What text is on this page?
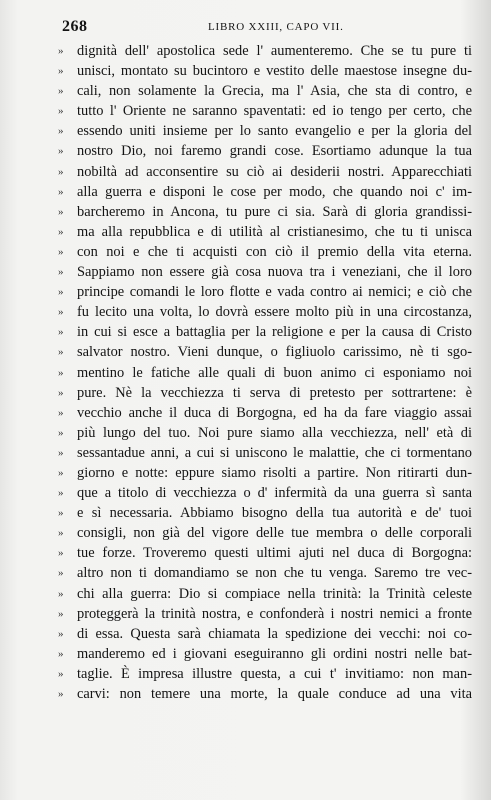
268	LIBRO XXIII, CAPO VII.
» dignità dell' apostolica sede l' aumenteremo. Che se tu pure ti
» unisci, montato su bucintoro e vestito delle maestose insegne du-
» cali, non solamente la Grecia, ma l' Asia, che sta di contro, e
» tutto l' Oriente ne saranno spaventati: ed io tengo per certo, che
» essendo uniti insieme per lo santo evangelio e per la gloria del
» nostro Dio, noi faremo grandi cose. Esortiamo adunque la tua
» nobiltà ad acconsentire su ciò ai desiderii nostri. Apparecchiati
» alla guerra e disponi le cose per modo, che quando noi c' im-
» barcheremo in Ancona, tu pure ci sia. Sarà di gloria grandissi-
» ma alla repubblica e di utilità al cristianesimo, che tu ti unisca
» con noi e che ti acquisti con ciò il premio della vita eterna.
» Sappiamo non essere già cosa nuova tra i veneziani, che il loro
» principe comandi le loro flotte e vada contro ai nemici; e ciò che
» fu lecito una volta, lo dovrà essere molto più in una circostanza,
» in cui si esce a battaglia per la religione e per la causa di Cristo
» salvator nostro. Vieni dunque, o figliuolo carissimo, nè ti sgo-
» mentino le fatiche alle quali di buon animo ci esponiamo noi
» pure. Nè la vecchiezza ti serva di pretesto per sottrartene: è
» vecchio anche il duca di Borgogna, ed ha da fare viaggio assai
» più lungo del tuo. Noi pure siamo alla vecchiezza, nell' età di
» sessantadue anni, a cui si uniscono le malattie, che ci tormentano
» giorno e notte: eppure siamo risolti a partire. Non ritirarti dun-
» que a titolo di vecchiezza o d' infermità da una guerra sì santa
» e sì necessaria. Abbiamo bisogno della tua autorità e de' tuoi
» consigli, non già del vigore delle tue membra o delle corporali
» tue forze. Troveremo questi ultimi ajuti nel duca di Borgogna:
» altro non ti domandiamo se non che tu venga. Saremo tre vec-
» chi alla guerra: Dio si compiace nella trinità: la Trinità celeste
» proteggerà la trinità nostra, e confonderà i nostri nemici a fronte
» di essa. Questa sarà chiamata la spedizione dei vecchi: noi co-
» manderemo ed i giovani eseguiranno gli ordini nostri nelle bat-
» taglie. È impresa illustre questa, a cui t' invitiamo: non man-
» carvi: non temere una morte, la quale conduce ad una vita
